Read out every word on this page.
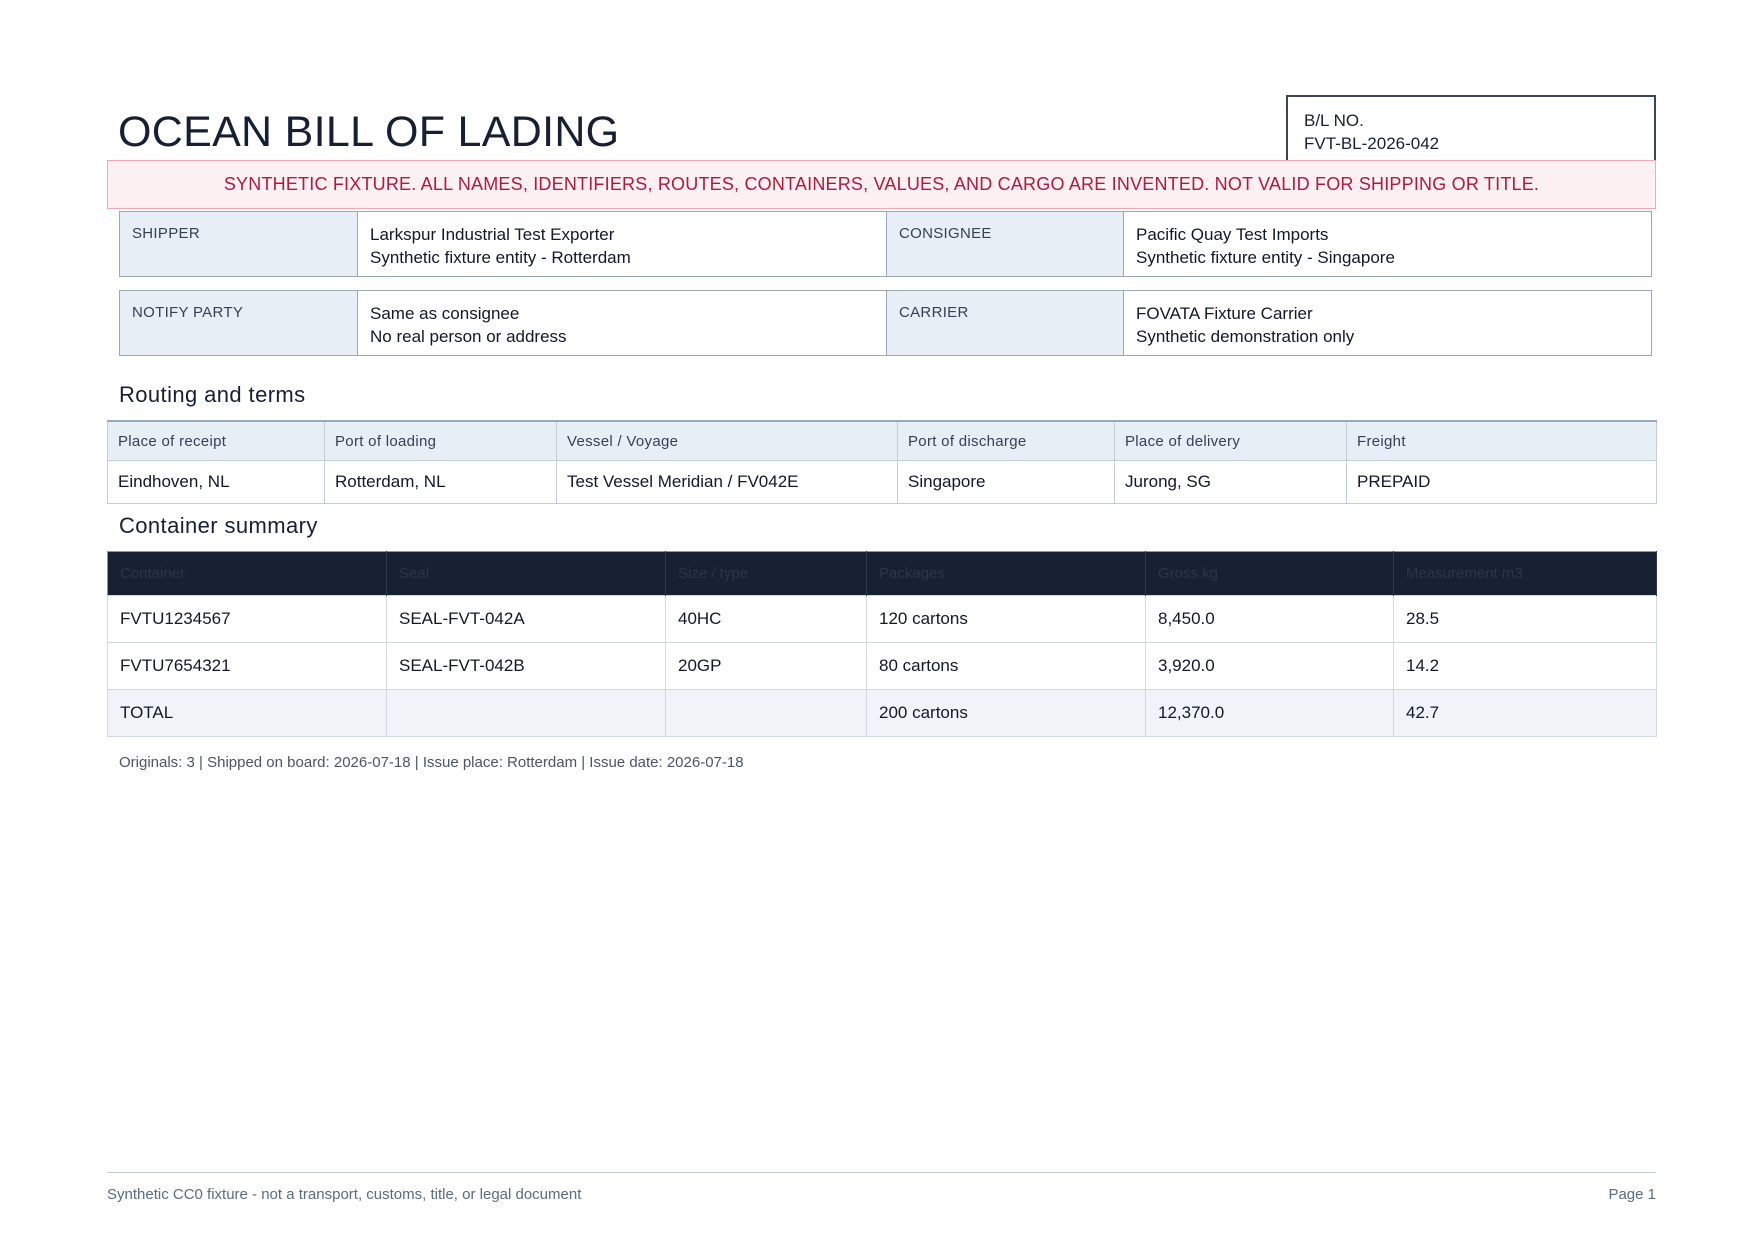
OCEAN BILL OF LADING	B/L NO.
FVT-BL-2026-042
SYNTHETIC FIXTURE. ALL NAMES, IDENTIFIERS, ROUTES, CONTAINERS, VALUES, AND CARGO ARE INVENTED. NOT VALID FOR SHIPPING OR TITLE.
SHIPPER	Larkspur Industrial Test Exporter
Synthetic fixture entity - Rotterdam
CONSIGNEE	Pacific Quay Test Imports
Synthetic fixture entity - Singapore
NOTIFY PARTY	Same as consignee
No real person or address
CARRIER	FOVATA Fixture Carrier
Synthetic demonstration only
Routing and terms
Place of receipt	Port of loading	Vessel / Voyage	Port of discharge	Place of delivery	Freight
Eindhoven, NL	Rotterdam, NL	Test Vessel Meridian / FV042E	Singapore	Jurong, SG	PREPAID
Container summary
Container	Seal	Size / type	Packages	Gross kg	Measurement m3
FVTU1234567	SEAL-FVT-042A	40HC	120 cartons	8,450.0	28.5
FVTU7654321	SEAL-FVT-042B	20GP	80 cartons	3,920.0	14.2
TOTAL			200 cartons	12,370.0	42.7
Originals: 3 | Shipped on board: 2026-07-18 | Issue place: Rotterdam | Issue date: 2026-07-18
Synthetic CC0 fixture - not a transport, customs, title, or legal document	Page 1
